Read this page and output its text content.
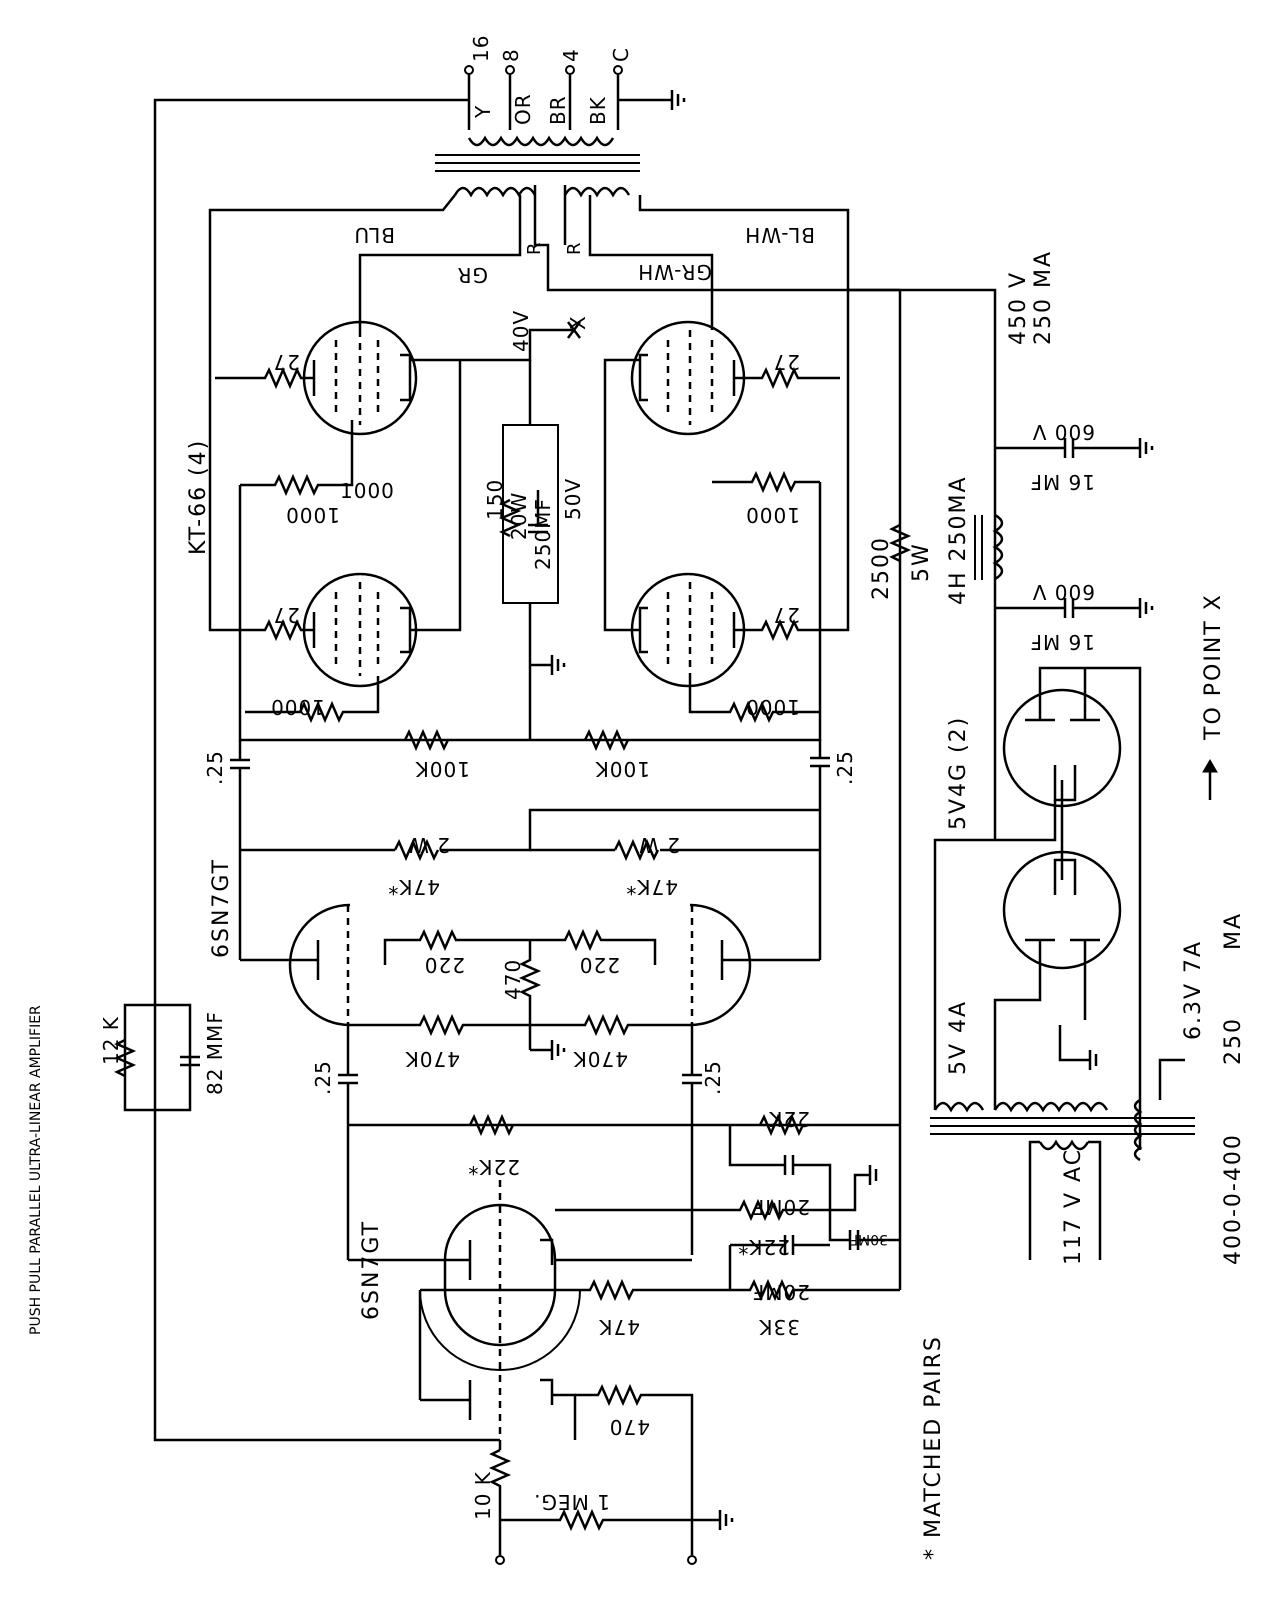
16 8 4 C
Y OR BR BK
BLU
GR
R R
GR-WH
BL-WH
KT-66 (4)
27
27
27
27
1000
1000
1000
1000
1000
40V X
150 20W 250MF 50V
100K	100K
.25	.25
47K*
2 W
47K*
2 W
6SN7GT
220	220
470
470K	470K
.25	.25
12 K	82 MMF
22K*
22K
6SN7GT
20MF
22K*	30MF
20MF
47K	33K
470
10 K 1 MEG.
450 V 250 MA
2500 5W 4H 250MA	16 MF
600 V
16 MF
600 V
5V4G (2)
5V 4A
117 V AC	400-0-400
250
MA
6.3V 7A
TO POINT X
PUSH PULL PARALLEL ULTRA-LINEAR AMPLIFIER
* MATCHED PAIRS
